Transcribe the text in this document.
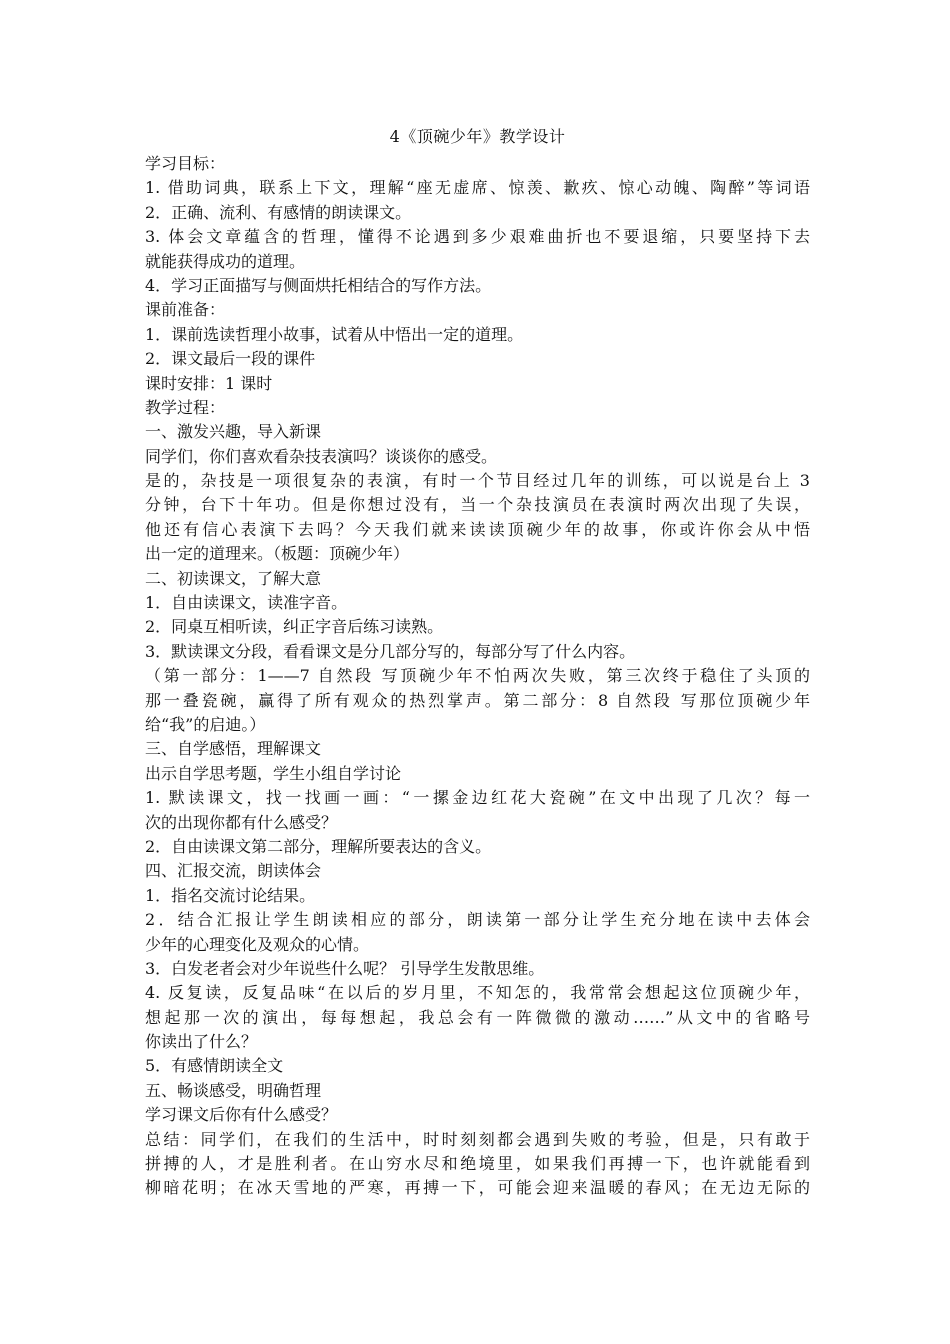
4《顶碗少年》教学设计
学习目标：
1. 借助词典，联系上下文，理解“座无虚席、惊羡、歉疚、惊心动魄、陶醉”等词语
2．正确、流利、有感情的朗读课文。
3. 体会文章蕴含的哲理，懂得不论遇到多少艰难曲折也不要退缩，只要坚持下去
就能获得成功的道理。
4．学习正面描写与侧面烘托相结合的写作方法。
课前准备：
1．课前选读哲理小故事，试着从中悟出一定的道理。
2．课文最后一段的课件
课时安排：1 课时
教学过程：
一、激发兴趣，导入新课
同学们，你们喜欢看杂技表演吗？谈谈你的感受。
是的，杂技是一项很复杂的表演，有时一个节目经过几年的训练，可以说是台上 3
分钟，台下十年功。但是你想过没有，当一个杂技演员在表演时两次出现了失误，
他还有信心表演下去吗？今天我们就来读读顶碗少年的故事，你或许你会从中悟
出一定的道理来。（板题：顶碗少年）
二、初读课文，了解大意
1．自由读课文，读准字音。
2．同桌互相听读，纠正字音后练习读熟。
3．默读课文分段，看看课文是分几部分写的，每部分写了什么内容。
（第一部分：1——7 自然段 写顶碗少年不怕两次失败，第三次终于稳住了头顶的
那一叠瓷碗，赢得了所有观众的热烈掌声。第二部分：8 自然段 写那位顶碗少年
给“我”的启迪。）
三、自学感悟，理解课文
出示自学思考题，学生小组自学讨论
1. 默读课文，找一找画一画：“一摞金边红花大瓷碗”在文中出现了几次？每一
次的出现你都有什么感受？
2．自由读课文第二部分，理解所要表达的含义。
四、汇报交流，朗读体会
1．指名交流讨论结果。
2．结合汇报让学生朗读相应的部分，朗读第一部分让学生充分地在读中去体会
少年的心理变化及观众的心情。
3．白发老者会对少年说些什么呢？ 引导学生发散思维。
4. 反复读，反复品味“在以后的岁月里，不知怎的，我常常会想起这位顶碗少年，
想起那一次的演出，每每想起，我总会有一阵微微的激动……”从文中的省略号
你读出了什么？
5．有感情朗读全文
五、畅谈感受，明确哲理
学习课文后你有什么感受？
总结：同学们，在我们的生活中，时时刻刻都会遇到失败的考验，但是，只有敢于
拼搏的人，才是胜利者。在山穷水尽和绝境里，如果我们再搏一下，也许就能看到
柳暗花明；在冰天雪地的严寒，再搏一下，可能会迎来温暖的春风；在无边无际的
